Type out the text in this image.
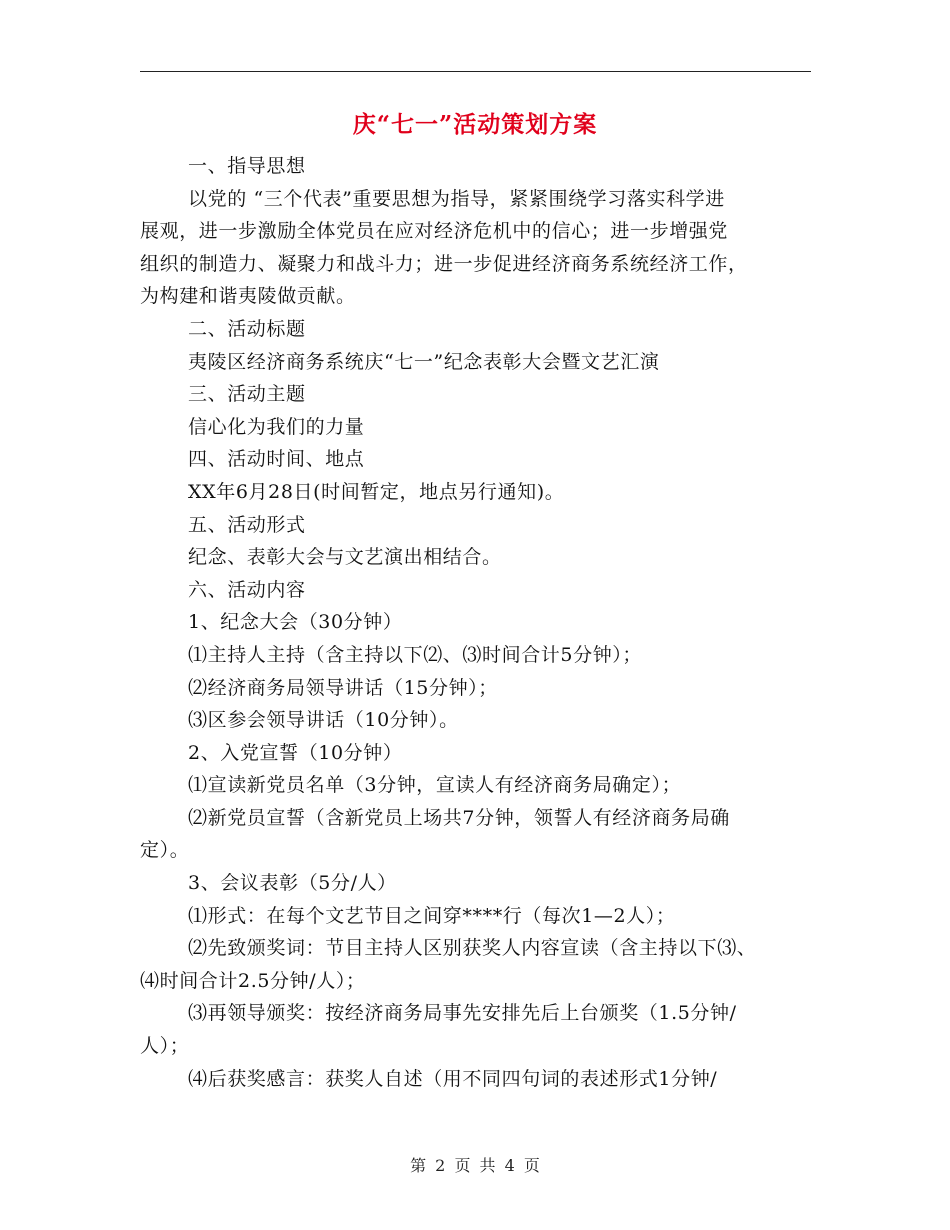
庆“七一”活动策划方案
一、指导思想
以党的 “三个代表”重要思想为指导，紧紧围绕学习落实科学进
展观，进一步激励全体党员在应对经济危机中的信心；进一步增强党
组织的制造力、凝聚力和战斗力；进一步促进经济商务系统经济工作，
为构建和谐夷陵做贡献。
二、活动标题
夷陵区经济商务系统庆“七一”纪念表彰大会暨文艺汇演
三、活动主题
信心化为我们的力量
四、活动时间、地点
XX年6月28日(时间暂定，地点另行通知)。
五、活动形式
纪念、表彰大会与文艺演出相结合。
六、活动内容
1、纪念大会（30分钟）
⑴主持人主持（含主持以下⑵、⑶时间合计5分钟）；
⑵经济商务局领导讲话（15分钟）；
⑶区参会领导讲话（10分钟）。
2、入党宣誓（10分钟）
⑴宣读新党员名单（3分钟，宣读人有经济商务局确定）；
⑵新党员宣誓（含新党员上场共7分钟，领誓人有经济商务局确
定）。
3、会议表彰（5分/人）
⑴形式：在每个文艺节目之间穿****行（每次1—2人）；
⑵先致颁奖词：节目主持人区别获奖人内容宣读（含主持以下⑶、
⑷时间合计2.5分钟/人）；
⑶再领导颁奖：按经济商务局事先安排先后上台颁奖（1.5分钟/
人）；
⑷后获奖感言：获奖人自述（用不同四句词的表述形式1分钟/
第 2 页 共 4 页
